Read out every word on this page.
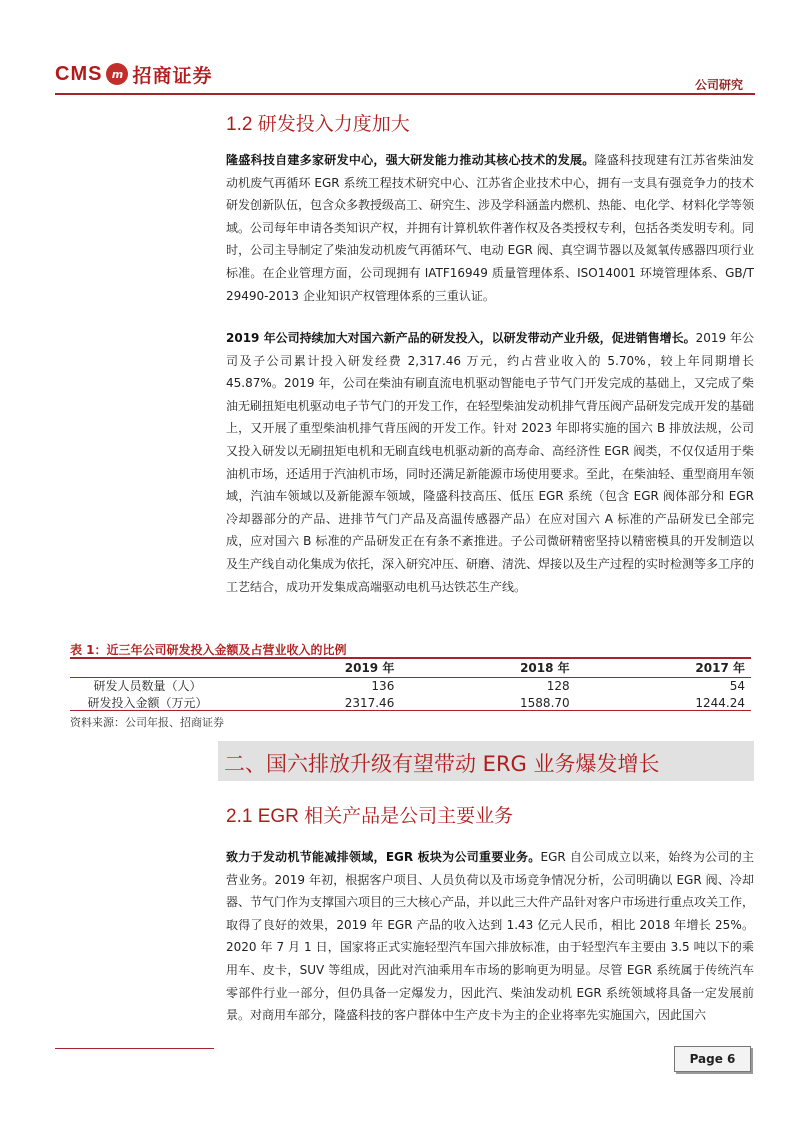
CMS m 招商证券	公司研究
1.2 研发投入力度加大
隆盛科技自建多家研发中心，强大研发能力推动其核心技术的发展。隆盛科技现建有江苏省柴油发动机废气再循环 EGR 系统工程技术研究中心、江苏省企业技术中心，拥有一支具有强竞争力的技术研发创新队伍，包含众多教授级高工、研究生、涉及学科涵盖内燃机、热能、电化学、材料化学等领域。公司每年申请各类知识产权，并拥有计算机软件著作权及各类授权专利，包括各类发明专利。同时，公司主导制定了柴油发动机废气再循环气、电动 EGR 阀、真空调节器以及氮氧传感器四项行业标准。在企业管理方面，公司现拥有 IATF16949 质量管理体系、ISO14001 环境管理体系、GB/T 29490-2013 企业知识产权管理体系的三重认证。
2019 年公司持续加大对国六新产品的研发投入，以研发带动产业升级，促进销售增长。2019 年公司及子公司累计投入研发经费 2,317.46 万元，约占营业收入的 5.70%，较上年同期增长 45.87%。2019 年，公司在柴油有刷直流电机驱动智能电子节气门开发完成的基础上，又完成了柴油无刷扭矩电机驱动电子节气门的开发工作，在轻型柴油发动机排气背压阀产品研发完成开发的基础上，又开展了重型柴油机排气背压阀的开发工作。针对 2023 年即将实施的国六 B 排放法规，公司又投入研发以无刷扭矩电机和无刷直线电机驱动新的高寿命、高经济性 EGR 阀类，不仅仅适用于柴油机市场，还适用于汽油机市场，同时还满足新能源市场使用要求。至此，在柴油轻、重型商用车领域，汽油车领域以及新能源车领域，隆盛科技高压、低压 EGR 系统（包含 EGR 阀体部分和 EGR 冷却器部分的产品、进排节气门产品及高温传感器产品）在应对国六 A 标准的产品研发已全部完成，应对国六 B 标准的产品研发正在有条不紊推进。子公司微研精密坚持以精密模具的开发制造以及生产线自动化集成为依托，深入研究冲压、研磨、清洗、焊接以及生产过程的实时检测等多工序的工艺结合，成功开发集成高端驱动电机马达铁芯生产线。
表 1：近三年公司研发投入金额及占营业收入的比例
	2019 年	2018 年	2017 年
研发人员数量（人）	136	128	54
研发投入金额（万元）	2317.46	1588.70	1244.24
资料来源：公司年报、招商证券
二、国六排放升级有望带动 ERG 业务爆发增长
2.1 EGR 相关产品是公司主要业务
致力于发动机节能减排领域，EGR 板块为公司重要业务。EGR 自公司成立以来，始终为公司的主营业务。2019 年初，根据客户项目、人员负荷以及市场竞争情况分析，公司明确以 EGR 阀、冷却器、节气门作为支撑国六项目的三大核心产品，并以此三大件产品针对客户市场进行重点攻关工作，取得了良好的效果，2019 年 EGR 产品的收入达到 1.43 亿元人民币，相比 2018 年增长 25%。2020 年 7 月 1 日，国家将正式实施轻型汽车国六排放标准，由于轻型汽车主要由 3.5 吨以下的乘用车、皮卡，SUV 等组成，因此对汽油乘用车市场的影响更为明显。尽管 EGR 系统属于传统汽车零部件行业一部分，但仍具备一定爆发力，因此汽、柴油发动机 EGR 系统领域将具备一定发展前景。对商用车部分，隆盛科技的客户群体中生产皮卡为主的企业将率先实施国六，因此国六
Page 6
